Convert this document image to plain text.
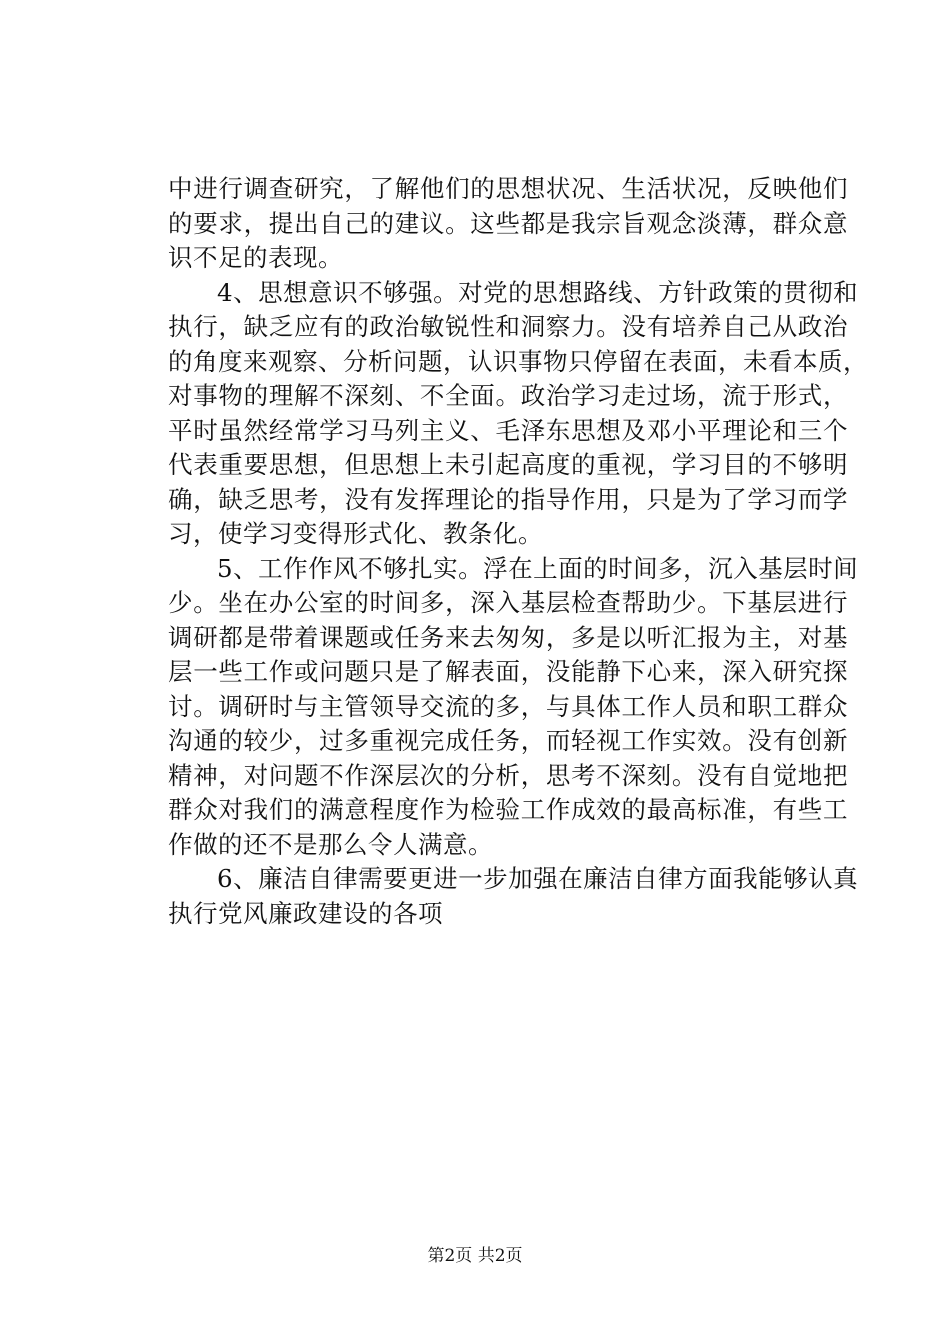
中进行调查研究，了解他们的思想状况、生活状况，反映他们
的要求，提出自己的建议。这些都是我宗旨观念淡薄，群众意
识不足的表现。
4、思想意识不够强。对党的思想路线、方针政策的贯彻和
执行，缺乏应有的政治敏锐性和洞察力。没有培养自己从政治
的角度来观察、分析问题，认识事物只停留在表面，未看本质，
对事物的理解不深刻、不全面。政治学习走过场，流于形式，
平时虽然经常学习马列主义、毛泽东思想及邓小平理论和三个
代表重要思想，但思想上未引起高度的重视，学习目的不够明
确，缺乏思考，没有发挥理论的指导作用，只是为了学习而学
习，使学习变得形式化、教条化。
5、工作作风不够扎实。浮在上面的时间多，沉入基层时间
少。坐在办公室的时间多，深入基层检查帮助少。下基层进行
调研都是带着课题或任务来去匆匆，多是以听汇报为主，对基
层一些工作或问题只是了解表面，没能静下心来，深入研究探
讨。调研时与主管领导交流的多，与具体工作人员和职工群众
沟通的较少，过多重视完成任务，而轻视工作实效。没有创新
精神，对问题不作深层次的分析，思考不深刻。没有自觉地把
群众对我们的满意程度作为检验工作成效的最高标准，有些工
作做的还不是那么令人满意。
6、廉洁自律需要更进一步加强在廉洁自律方面我能够认真
执行党风廉政建设的各项
第2页 共2页
